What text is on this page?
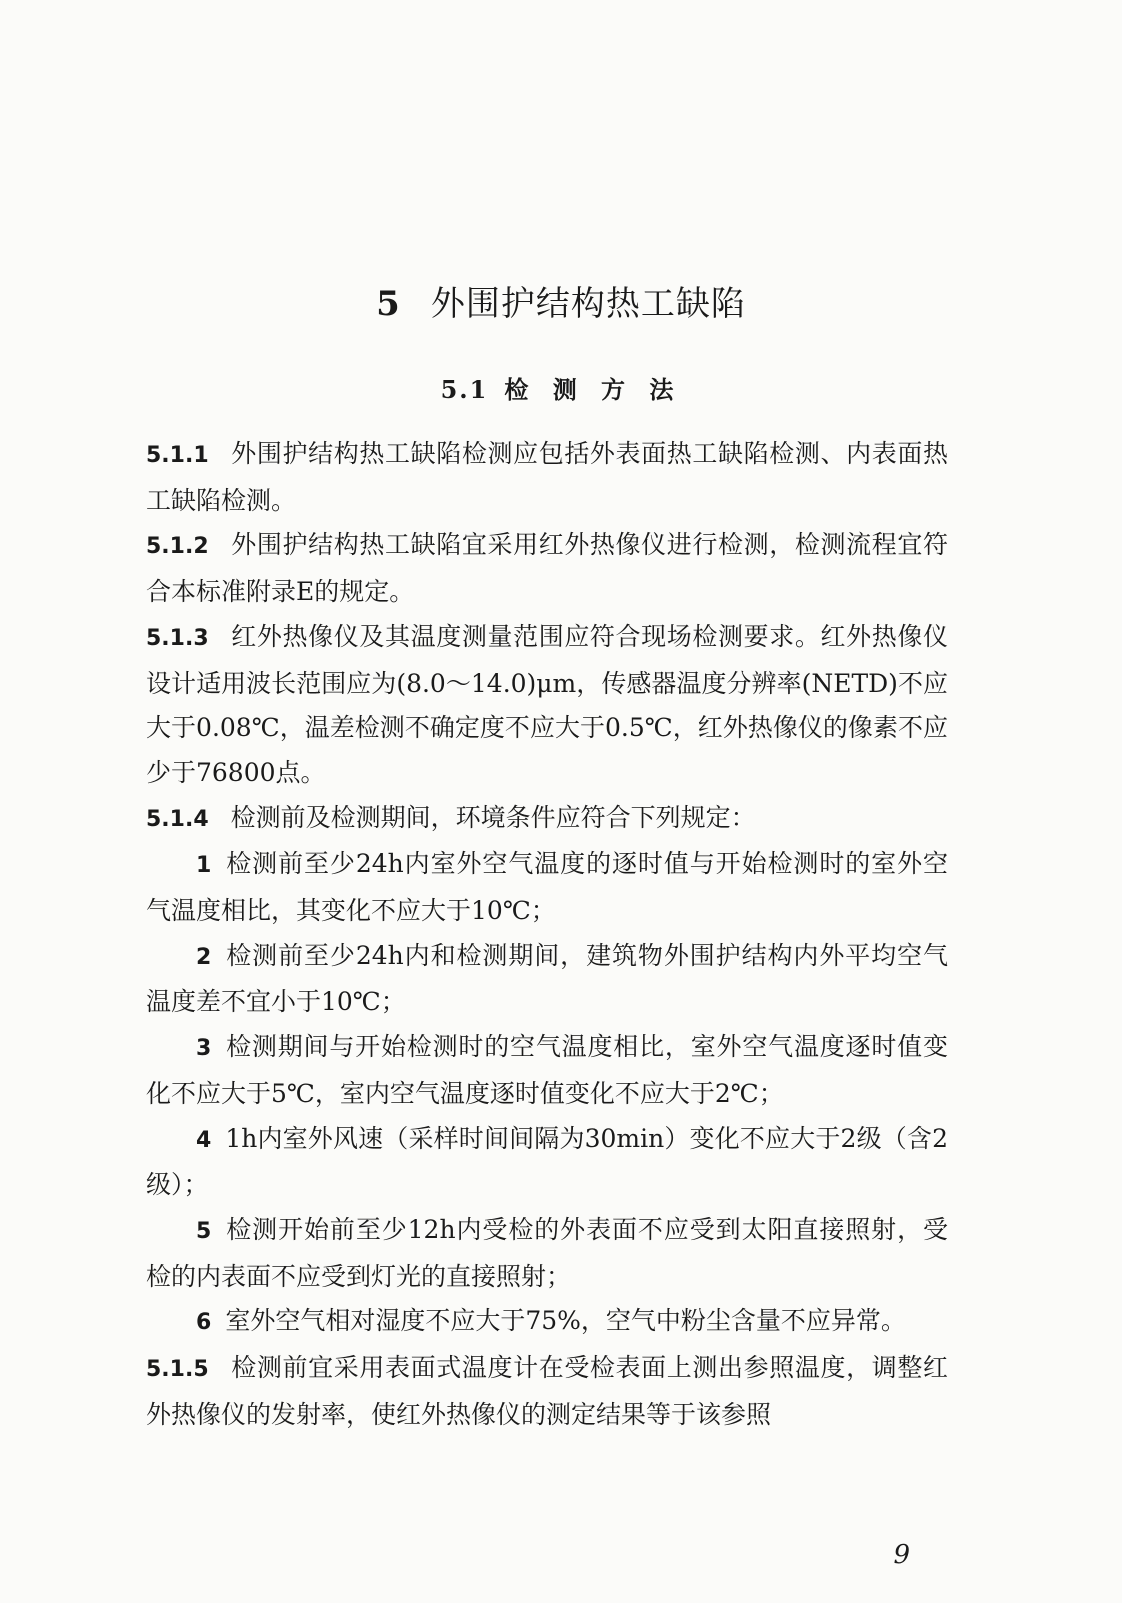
5 外围护结构热工缺陷
5.1 检 测 方 法
5.1.1 外围护结构热工缺陷检测应包括外表面热工缺陷检测、内表面热工缺陷检测。
5.1.2 外围护结构热工缺陷宜采用红外热像仪进行检测，检测流程宜符合本标准附录E的规定。
5.1.3 红外热像仪及其温度测量范围应符合现场检测要求。红外热像仪设计适用波长范围应为(8.0～14.0)μm，传感器温度分辨率(NETD)不应大于0.08℃，温差检测不确定度不应大于0.5℃，红外热像仪的像素不应少于76800点。
5.1.4 检测前及检测期间，环境条件应符合下列规定：
1 检测前至少24h内室外空气温度的逐时值与开始检测时的室外空气温度相比，其变化不应大于10℃；
2 检测前至少24h内和检测期间，建筑物外围护结构内外平均空气温度差不宜小于10℃；
3 检测期间与开始检测时的空气温度相比，室外空气温度逐时值变化不应大于5℃，室内空气温度逐时值变化不应大于2℃；
4 1h内室外风速（采样时间间隔为30min）变化不应大于2级（含2级）；
5 检测开始前至少12h内受检的外表面不应受到太阳直接照射，受检的内表面不应受到灯光的直接照射；
6 室外空气相对湿度不应大于75%，空气中粉尘含量不应异常。
5.1.5 检测前宜采用表面式温度计在受检表面上测出参照温度，调整红外热像仪的发射率，使红外热像仪的测定结果等于该参照
9
